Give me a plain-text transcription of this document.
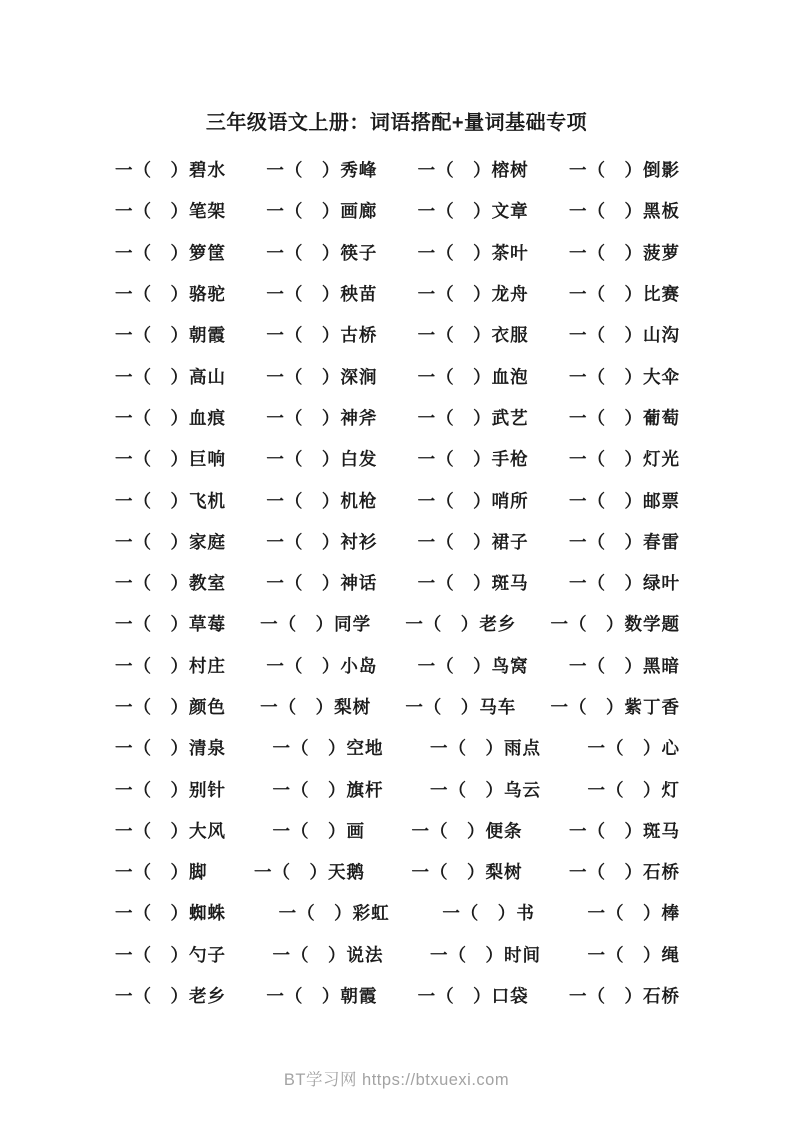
三年级语文上册：词语搭配+量词基础专项
一（　）碧水 一（　）秀峰 一（　）榕树 一（　）倒影
一（　）笔架 一（　）画廊 一（　）文章 一（　）黑板
一（　）箩筐 一（　）筷子 一（　）茶叶 一（　）菠萝
一（　）骆驼 一（　）秧苗 一（　）龙舟 一（　）比赛
一（　）朝霞 一（　）古桥 一（　）衣服 一（　）山沟
一（　）高山 一（　）深涧 一（　）血泡 一（　）大伞
一（　）血痕 一（　）神斧 一（　）武艺 一（　）葡萄
一（　）巨响 一（　）白发 一（　）手枪 一（　）灯光
一（　）飞机 一（　）机枪 一（　）哨所 一（　）邮票
一（　）家庭 一（　）衬衫 一（　）裙子 一（　）春雷
一（　）教室 一（　）神话 一（　）斑马 一（　）绿叶
一（　）草莓 一（　）同学 一（　）老乡 一（　）数学题
一（　）村庄 一（　）小岛 一（　）鸟窝 一（　）黑暗
一（　）颜色 一（　）梨树 一（　）马车 一（　）紫丁香
一（　）清泉	一（　）空地	一（　）雨点	一（　）心
一（　）别针	一（　）旗杆	一（　）乌云	一（　）灯
一（　）大风	一（　）画	一（　）便条	一（　）斑马
一（　）脚	一（　）天鹅	一（　）梨树	一（　）石桥
一（　）蜘蛛	一（　）彩虹	一（　）书	一（　）棒
一（　）勺子	一（　）说法	一（　）时间	一（　）绳
一（　）老乡 一（　）朝霞 一（　）口袋 一（　）石桥
BT学习网 https://btxuexi.com
